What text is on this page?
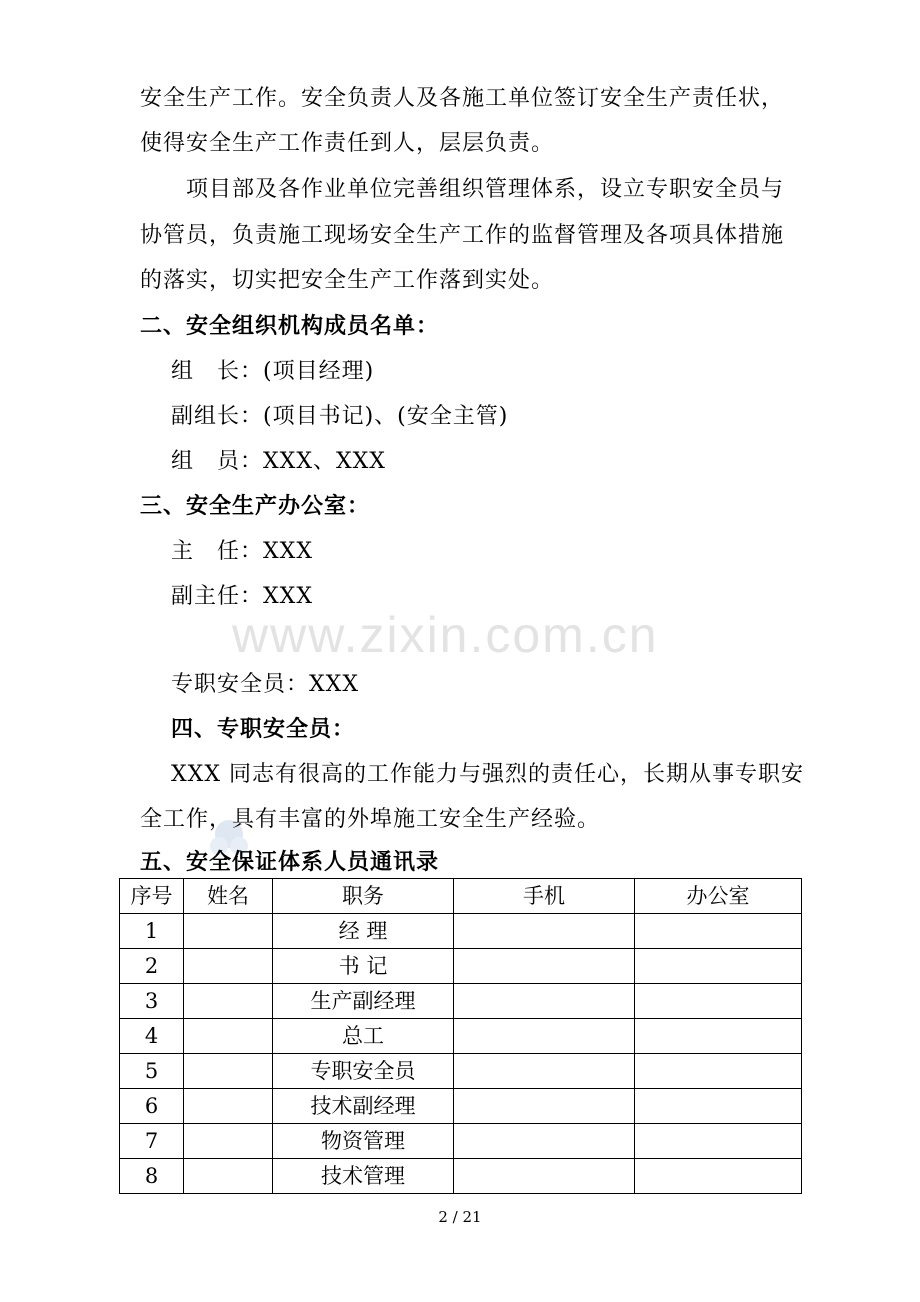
www.zixin.com.cn
安全生产工作。安全负责人及各施工单位签订安全生产责任状，
使得安全生产工作责任到人，层层负责。
项目部及各作业单位完善组织管理体系，设立专职安全员与
协管员，负责施工现场安全生产工作的监督管理及各项具体措施
的落实，切实把安全生产工作落到实处。
二、安全组织机构成员名单：
组　长：(项目经理)
副组长：(项目书记)、(安全主管)
组　员：XXX、XXX
三、安全生产办公室：
主　任：XXX
副主任：XXX
专职安全员：XXX
四、专职安全员：
XXX 同志有很高的工作能力与强烈的责任心，长期从事专职安
全工作，具有丰富的外埠施工安全生产经验。
五、安全保证体系人员通讯录
序号	姓名	职务	手机	办公室
1		经 理		
2		书 记		
3		生产副经理		
4		总工		
5		专职安全员		
6		技术副经理		
7		物资管理		
8		技术管理		
2 / 21
